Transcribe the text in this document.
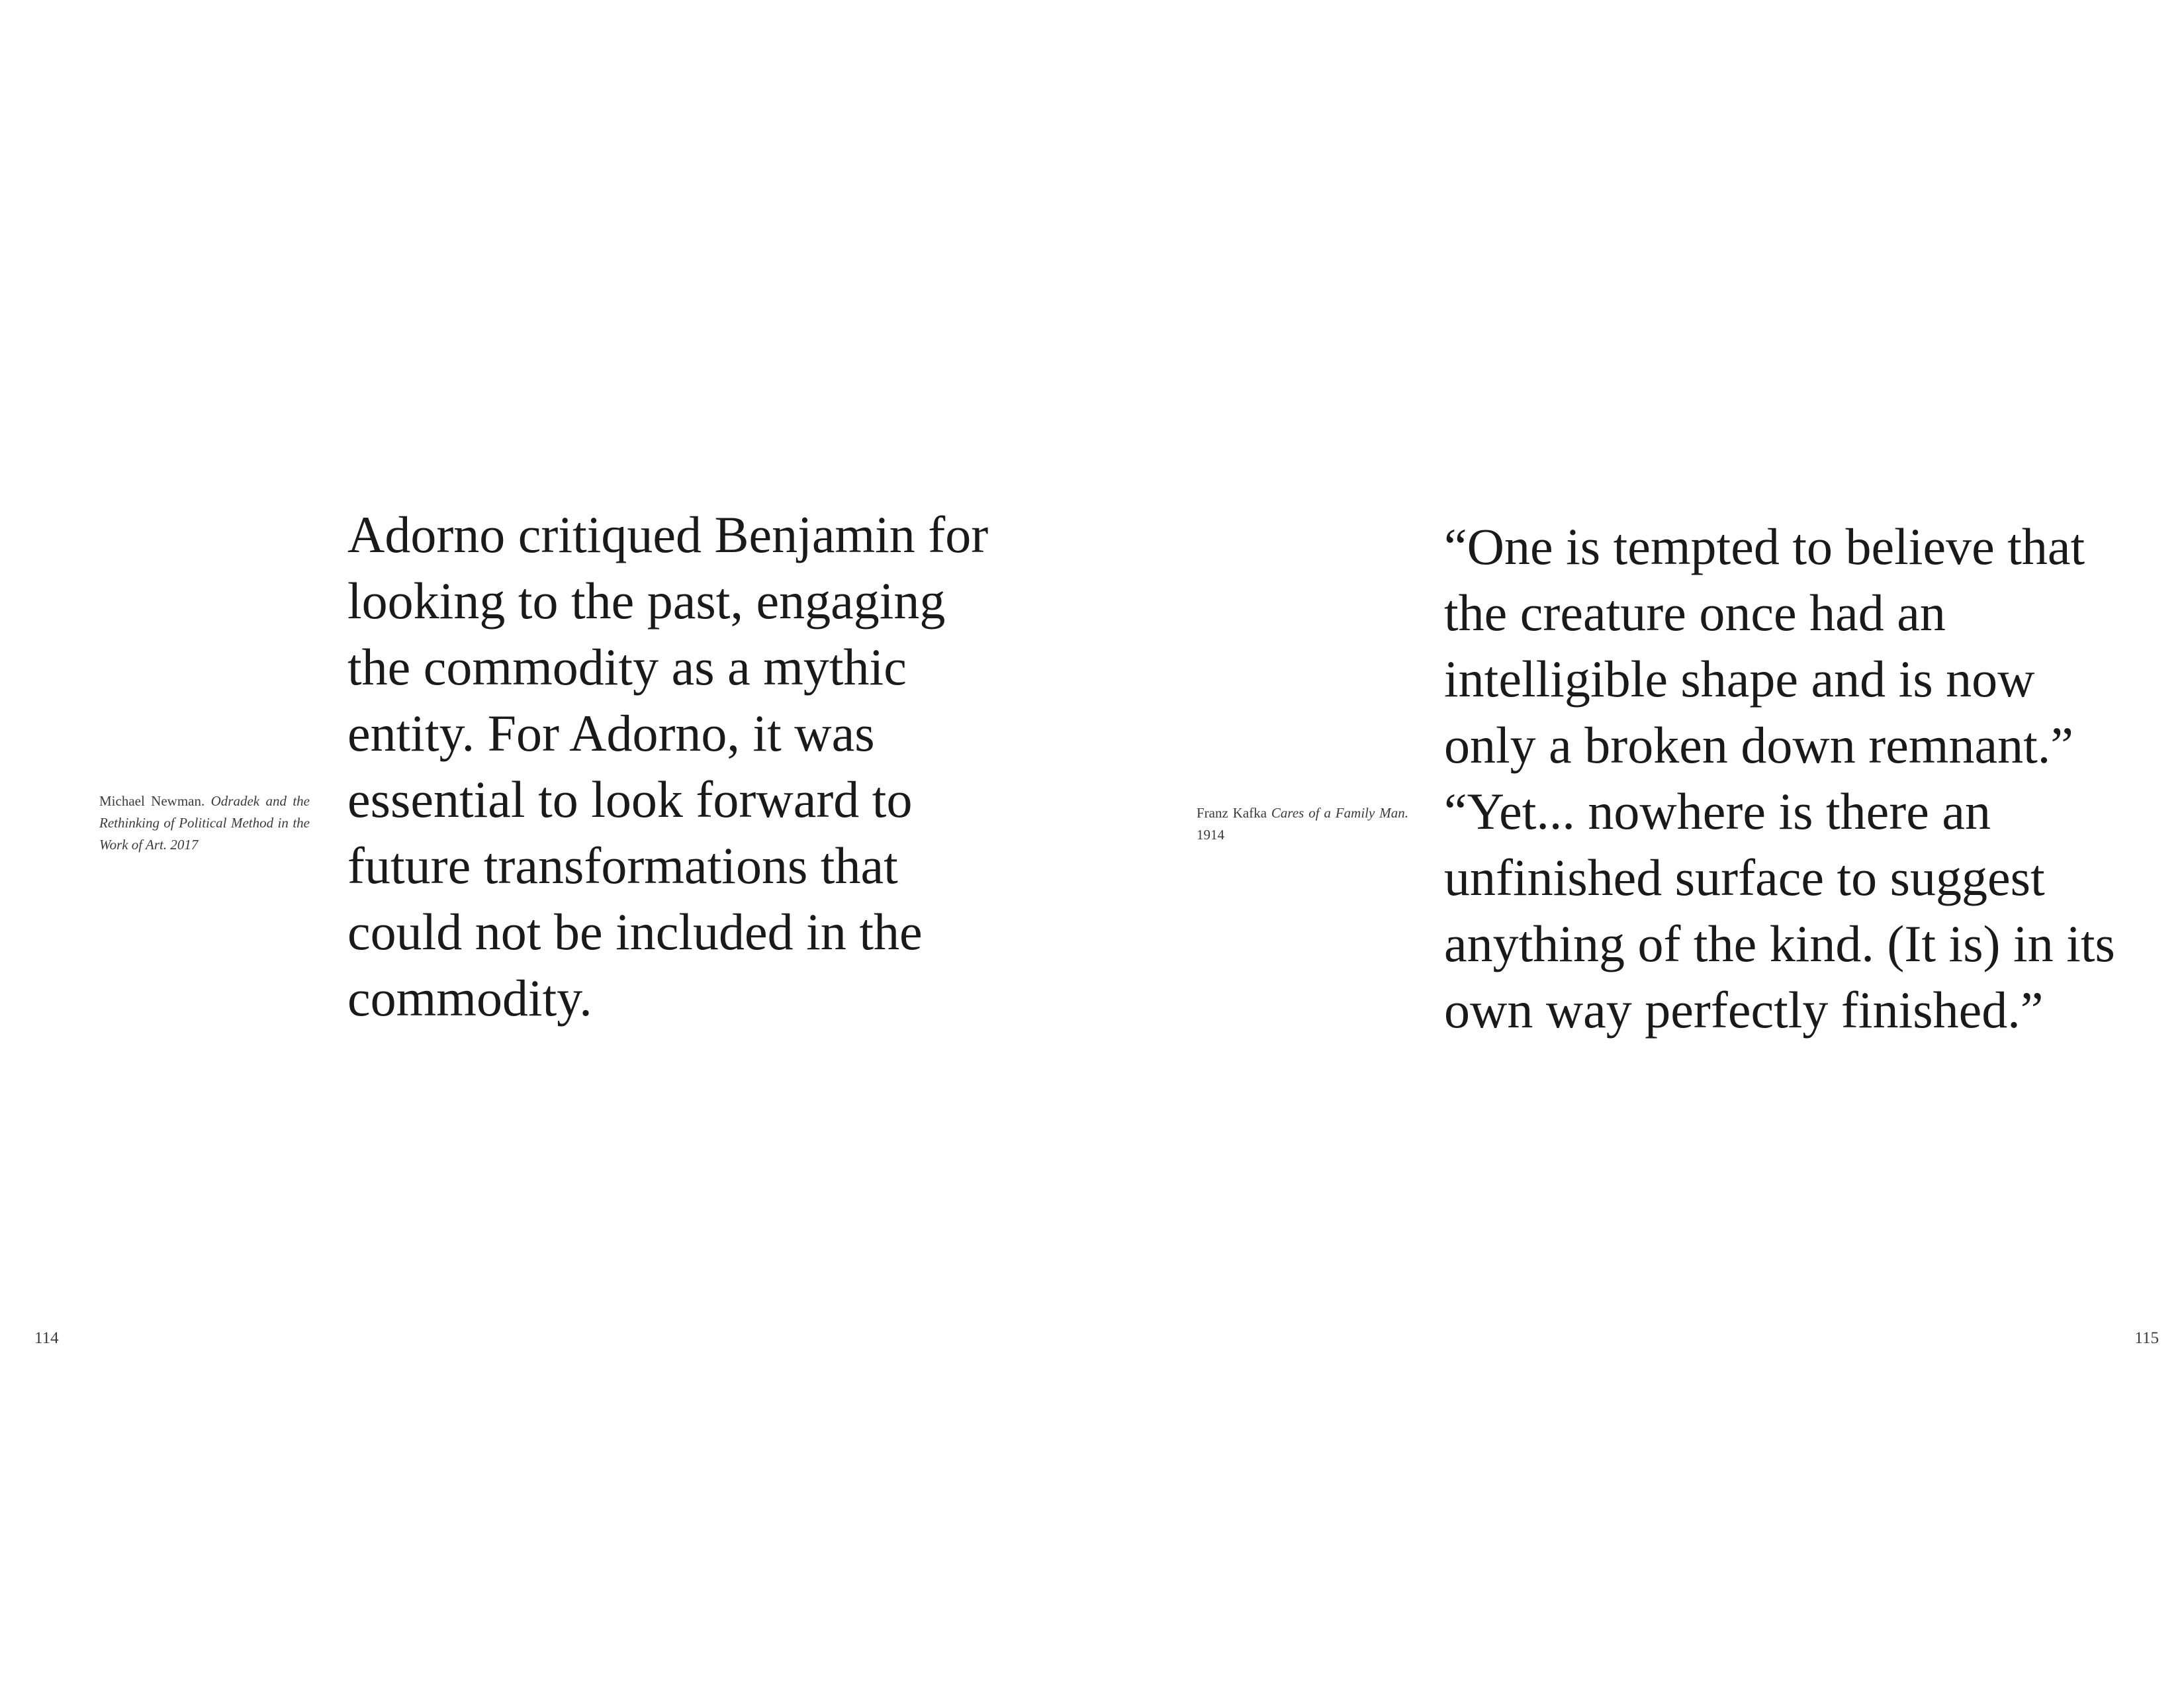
Michael Newman. Odradek and the Rethinking of Political Method in the Work of Art. 2017

Adorno critiqued Benjamin for looking to the past, engaging the commodity as a mythic entity. For Adorno, it was essential to look forward to future transformations that could not be included in the commodity.

114
Franz Kafka Cares of a Family Man. 1914

“One is tempted to believe that the creature once had an intelligible shape and is now only a broken down remnant.” “Yet... nowhere is there an unfinished surface to suggest anything of the kind. (It is) in its own way perfectly finished.”

115
